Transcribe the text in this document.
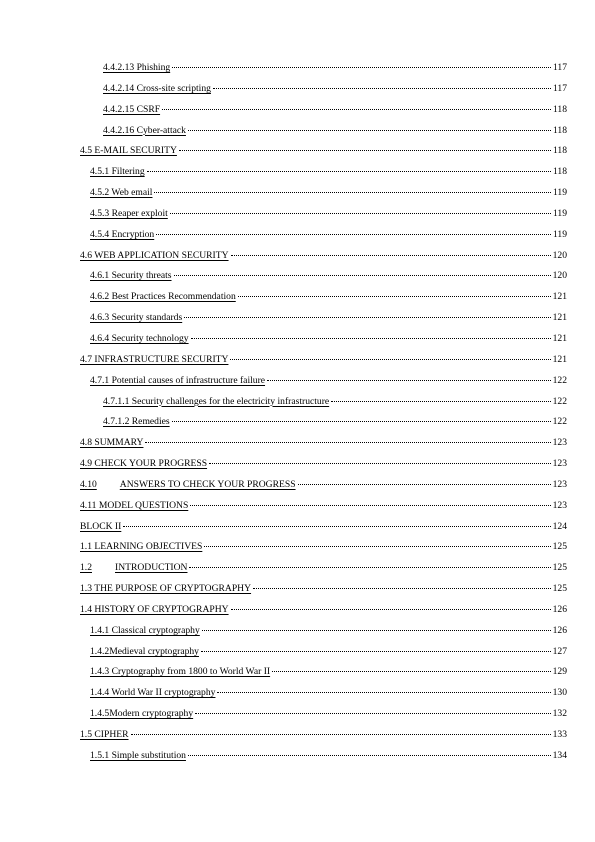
4.4.2.13 Phishing	117
4.4.2.14 Cross-site scripting	117
4.4.2.15 CSRF	118
4.4.2.16 Cyber-attack	118
4.5 E-MAIL SECURITY	118
4.5.1 Filtering	118
4.5.2 Web email	119
4.5.3 Reaper exploit	119
4.5.4 Encryption	119
4.6 WEB APPLICATION SECURITY	120
4.6.1 Security threats	120
4.6.2 Best Practices Recommendation	121
4.6.3 Security standards	121
4.6.4 Security technology	121
4.7 INFRASTRUCTURE SECURITY	121
4.7.1 Potential causes of infrastructure failure	122
4.7.1.1 Security challenges for the electricity infrastructure	122
4.7.1.2 Remedies	122
4.8 SUMMARY	123
4.9 CHECK YOUR PROGRESS	123
4.10 ANSWERS TO CHECK YOUR PROGRESS	123
4.11 MODEL QUESTIONS	123
BLOCK II	124
1.1 LEARNING OBJECTIVES	125
1.2 INTRODUCTION	125
1.3 THE PURPOSE OF CRYPTOGRAPHY	125
1.4 HISTORY OF CRYPTOGRAPHY	126
1.4.1 Classical cryptography	126
1.4.2Medieval cryptography	127
1.4.3 Cryptography from 1800 to World War II	129
1.4.4 World War II cryptography	130
1.4.5Modern cryptography	132
1.5 CIPHER	133
1.5.1 Simple substitution	134
